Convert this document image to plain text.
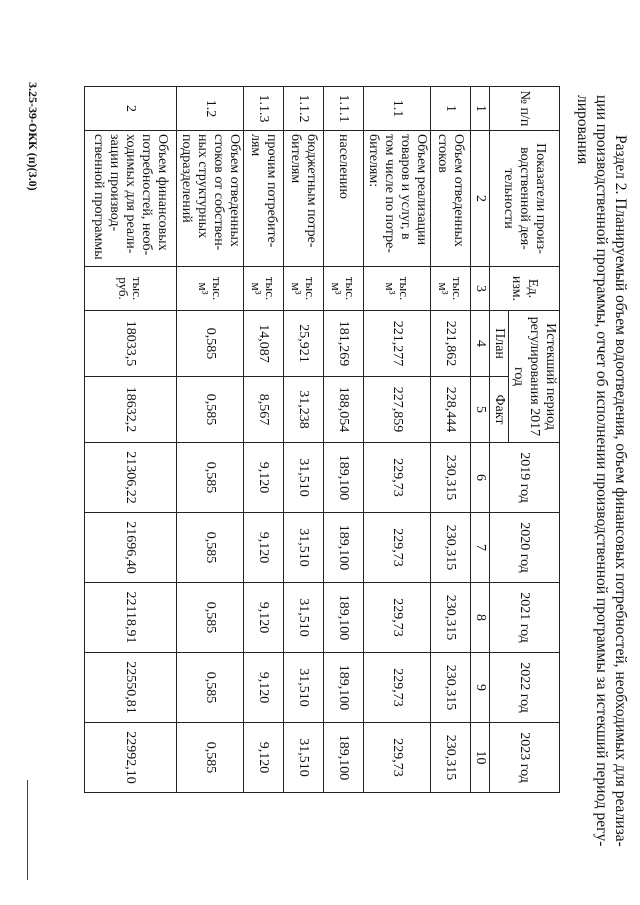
Раздел 2. Планируемый объем водоотведения, объем финансовых потребностей, необходимых для реализа-
ции производственной программы, отчет об исполнении производственной программы за истекший период регу-
лирования
№ п/п	Показатели произ-водственной дея-тельности	Ед. изм.	Истекший период регулирования 2017 год		2019 год	2020 год	2021 год	2022 год	2023 год
			План	Факт					
1	2	3	4	5	6	7	8	9	10
1	Объем отведенных стоков	тыс. м³	221,862	228,444	230,315	230,315	230,315	230,315	230,315
1.1	Объем реализации товаров и услуг, в том числе по потре-бителям:	тыс. м³	221,277	227,859	229,73	229,73	229,73	229,73	229,73
1.1.1	населению	тыс. м³	181,269	188,054	189,100	189,100	189,100	189,100	189,100
1.1.2	бюджетным потре-бителям	тыс. м³	25,921	31,238	31,510	31,510	31,510	31,510	31,510
1.1.3	прочим потребите-лям	тыс. м³	14,087	8,567	9,120	9,120	9,120	9,120	9,120
1.2	Объем отведенных стоков от собствен-ных структурных подразделений	тыс. м³	0,585	0,585	0,585	0,585	0,585	0,585	0,585
2	Объем финансовых потребностей, необ-ходимых для реали-зации производ-ственной программы	тыс. руб.	18033,5	18632,2	21306,22	21696,40	22118,91	22550,81	22992,10
3.25-39-ОКК (п)(3.0)
